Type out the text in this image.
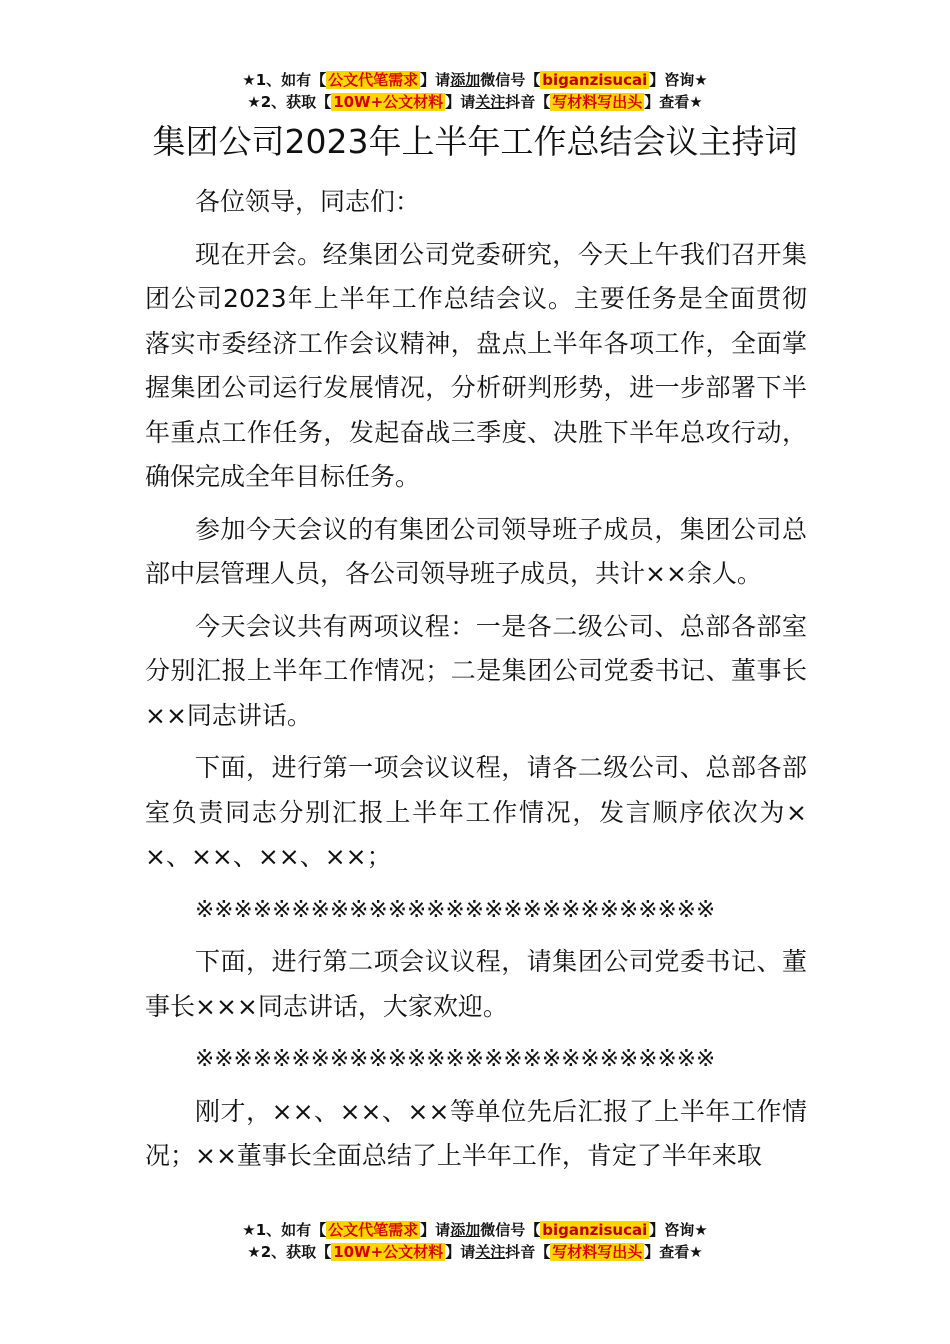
★1、如有【 公文代笔需求 】请添加微信号【 biganzisucai 】咨询★
★2、获取【 10W+公文材料 】请关注抖音【 写材料写出头 】查看★
集团公司2023年上半年工作总结会议主持词

各位领导，同志们：

现在开会。经集团公司党委研究，今天上午我们召开集团公司2023年上半年工作总结会议。主要任务是全面贯彻落实市委经济工作会议精神，盘点上半年各项工作，全面掌握集团公司运行发展情况，分析研判形势，进一步部署下半年重点工作任务，发起奋战三季度、决胜下半年总攻行动，确保完成全年目标任务。

参加今天会议的有集团公司领导班子成员，集团公司总部中层管理人员，各公司领导班子成员，共计××余人。

今天会议共有两项议程：一是各二级公司、总部各部室分别汇报上半年工作情况；二是集团公司党委书记、董事长××同志讲话。

下面，进行第一项会议议程，请各二级公司、总部各部室负责同志分别汇报上半年工作情况，发言顺序依次为××、××、××、××；

※※※※※※※※※※※※※※※※※※※※※※※※※※※

下面，进行第二项会议议程，请集团公司党委书记、董事长×××同志讲话，大家欢迎。

※※※※※※※※※※※※※※※※※※※※※※※※※※※

刚才，××、××、××等单位先后汇报了上半年工作情况；××董事长全面总结了上半年工作，肯定了半年来取

★1、如有【 公文代笔需求 】请添加微信号【 biganzisucai 】咨询★
★2、获取【 10W+公文材料 】请关注抖音【 写材料写出头 】查看★
